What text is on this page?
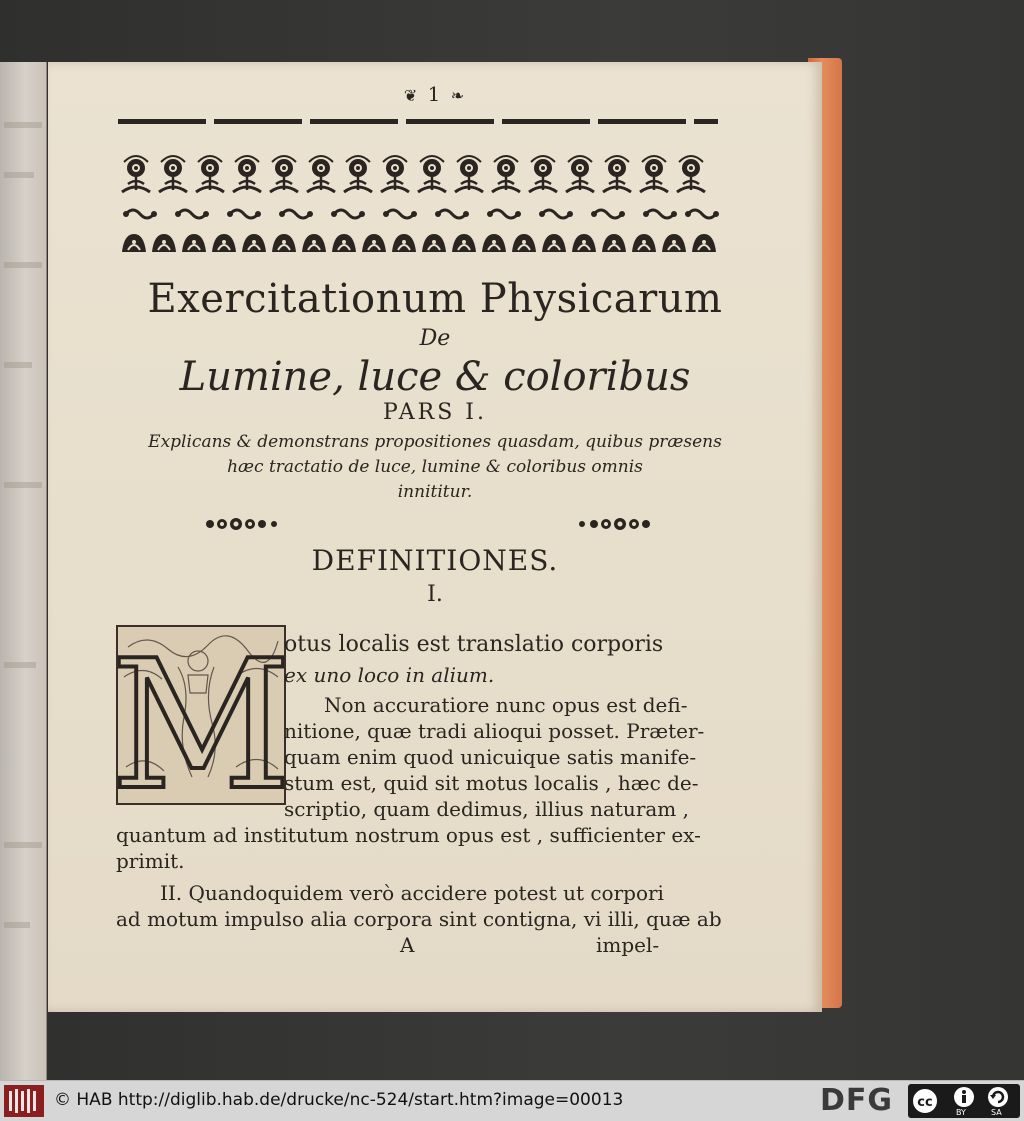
❦ 1 ❧
Exercitationum Physicarum
De
Lumine, luce & coloribus
PARS I.
Explicans & demonstrans propositiones quasdam, quibus præsens
hæc tractatio de luce, lumine & coloribus omnis
innititur.
DEFINITIONES.
I.
M
otus localis est translatio corporis
ex uno loco in alium.
Non accuratiore nunc opus est defi-
nitione, quæ tradi alioqui posset. Præter-
quam enim quod unicuique satis manife-
stum est, quid sit motus localis , hæc de-
scriptio, quam dedimus, illius naturam ,
quantum ad institutum nostrum opus est , sufficienter ex-
primit.
II. Quandoquidem verò accidere potest ut corpori
ad motum impulso alia corpora sint contigna, vi illi, quæ ab
A	impel-
© HAB http://diglib.hab.de/drucke/nc-524/start.htm?image=00013	DFG cc
BY	SA
